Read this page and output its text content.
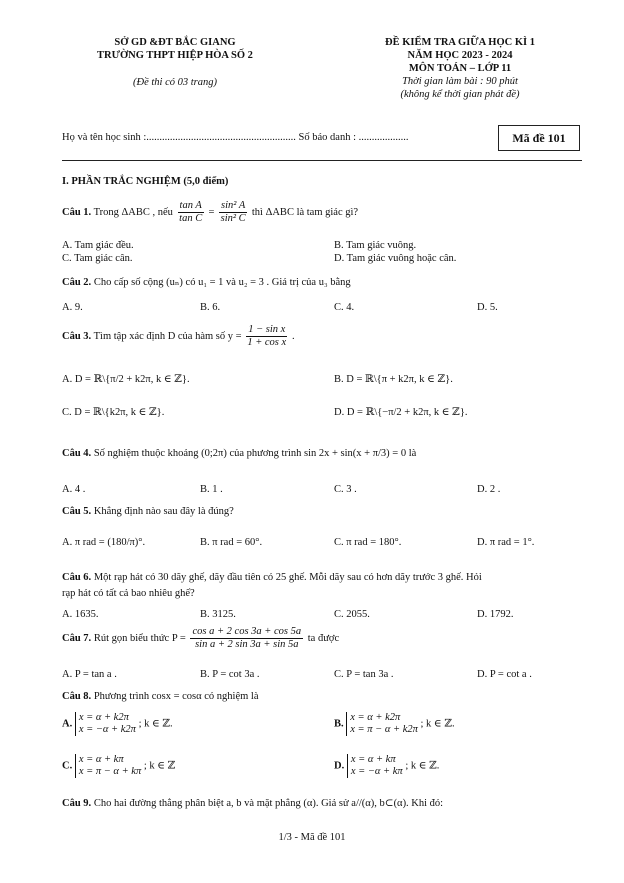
SỞ GD &ĐT BẮC GIANG
TRƯỜNG THPT HIỆP HÒA SỐ 2
(Đề thi có 03 trang)
ĐỀ KIỂM TRA GIỮA HỌC KÌ 1
NĂM HỌC 2023 - 2024
MÔN TOÁN – LỚP 11
Thời gian làm bài : 90 phút
(không kể thời gian phát đề)
Họ và tên học sinh :......................................................... Số báo danh : ...................	Mã đề 101
I. PHẦN TRẮC NGHIỆM (5,0 điểm)
Câu 1. Trong ΔABC , nếu $\frac{\text{tan A}}{\text{tan C}} = \frac{\text{sin² A}}{\text{sin² C}}$ thì ΔABC là tam giác gì?
A. Tam giác đều.	B. Tam giác vuông.
C. Tam giác cân.	D. Tam giác vuông hoặc cân.
Câu 2. Cho cấp số cộng (uₙ) có u₁ = 1 và u₂ = 3 . Giá trị của u₃ bằng
A. 9.	B. 6.	C. 4.	D. 5.
Câu 3. Tìm tập xác định D của hàm số $y = \frac{\text{1 − sin x}}{\text{1 + cos x}}$ .
A. D = ℝ\{π/2 + k2π, k ∈ ℤ}.	B. D = ℝ\{π + k2π, k ∈ ℤ}.
C. D = ℝ\{k2π, k ∈ ℤ}.	D. D = ℝ\{−π/2 + k2π, k ∈ ℤ}.
Câu 4. Số nghiệm thuộc khoảng (0;2π) của phương trình sin 2x + sin(x + π/3) = 0 là
A. 4 .	B. 1 .	C. 3 .	D. 2 .
Câu 5. Khẳng định nào sau đây là đúng?
A. π rad = (180/π)°.	B. π rad = 60°.	C. π rad = 180°.	D. π rad = 1°.
Câu 6. Một rạp hát có 30 dãy ghế, dãy đầu tiên có 25 ghế. Mỗi dãy sau có hơn dãy trước 3 ghế. Hỏi
rạp hát có tất cả bao nhiêu ghế?
A. 1635.	B. 3125.	C. 2055.	D. 1792.
Câu 7. Rút gọn biểu thức $P = \frac{\text{cos a + 2 cos 3a + cos 5a}}{\text{sin a + 2 sin 3a + sin 5a}}$ ta được
A. P = tan a .	B. P = cot 3a .	C. P = tan 3a .	D. P = cot a .
Câu 8. Phương trình cosx = cosα có nghiệm là
A. x = α + k2π
x = −α + k2π ; k ∈ ℤ.	B. x = α + k2π
x = π − α + k2π ; k ∈ ℤ.
C. x = α + kπ
x = π − α + kπ ; k ∈ ℤ	D. x = α + kπ
x = −α + kπ ; k ∈ ℤ.
Câu 9. Cho hai đường thẳng phân biệt a, b và mặt phẳng (α). Giả sử a//(α), b⊂(α). Khi đó:
1/3 - Mã đề 101
